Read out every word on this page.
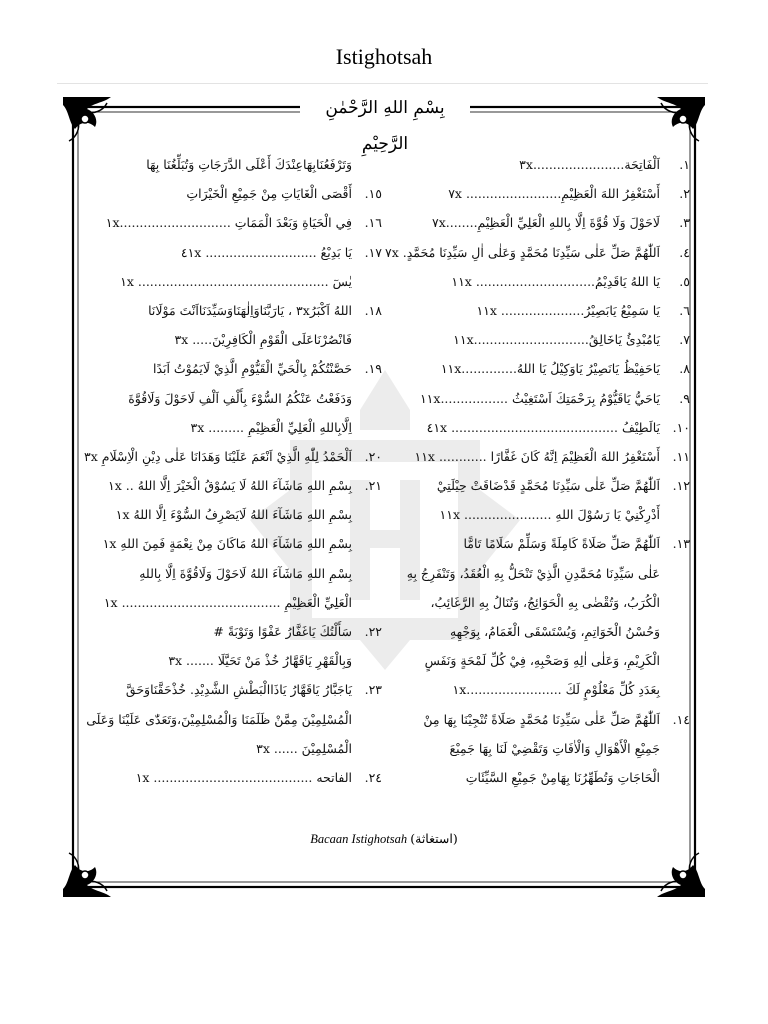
Istighotsah
بِسْمِ اللهِ الرَّحْمٰنِ الرَّحِيْمِ
١.
اَلْفَاتِحَة.......................٣x
٢.
أَسْتَغْفِرُ اللهَ الْعَظِيْمِ........................ ٧x
٣.
لَاحَوْلَ وَلَا قُوَّةَ اِلَّا بِاللهِ الْعَلِيِّ الْعَظِيْمِ........٧x
٤.
اَللّٰهُمَّ صَلِّ عَلٰى سَيِّدِنَا مُحَمَّدٍ وَعَلٰى اٰلِ سَيِّدِنَا مُحَمَّدٍ. ٧x
٥.
يَا اللهُ يَاقَدِيْمُ.............................. ١١x
٦.
يَا سَمِيْعُ يَابَصِيْرُ..................... ١١x
٧.
يَامُبْدِئُ يَاخَالِقُ.............................١١x
٨.
يَاحَفِيْظُ يَانَصِيْرُ يَاوَكِيْلُ يَا اللهُ..............١١x
٩.
يَاحَيُّ يَاقَيُّوْمُ بِرَحْمَتِكَ اَسْتَغِيْثُ .................١١x
١٠.
يَالَطِيْفُ .......................................... ٤١x
١١.
أَسْتَغْفِرُ اللهَ الْعَظِيْمَ اِنَّهُ كَانَ غَفَّارًا ............ ١١x
١٢.
اَللّٰهُمَّ صَلِّ عَلٰى سَيِّدِنَا مُحَمَّدٍ قَدْضَاقَتْ حِيْلَتِيْ
أَدْرِكْنِيْ يَا رَسُوْلَ اللهِ ...................... ١١x
١٣.
اَللّٰهُمَّ صَلِّ صَلَاةً كَامِلَةً وَسَلِّمْ سَلَامًا تَامًّا
عَلٰى سَيِّدِنَا مُحَمَّدِنِ الَّذِيْ تَنْحَلُّ بِهِ الْعُقَدُ، وَتَنْفَرِجُ بِهِ
الْكُرَبُ، وَتُقْضٰى بِهِ الْحَوَائِجُ، وَتُنَالُ بِهِ الرَّغَائِبُ،
وَحُسْنُ الْخَوَاتِمِ، وَيُسْتَسْقَى الْغَمَامُ، بِوَجْهِهِ
الْكَرِيْمِ، وَعَلٰى اٰلِهِ وَصَحْبِهِ، فِيْ كُلِّ لَمْحَةٍ وَنَفَسٍ
بِعَدَدِ كُلِّ مَعْلُوْمٍ لَكَ ........................١x
١٤.
اَللّٰهُمَّ صَلِّ عَلٰى سَيِّدِنَا مُحَمَّدٍ صَلَاةً تُنْجِيْنَا بِهَا مِنْ
جَمِيْعِ الْأَهْوَالِ وَالْاٰفَاتِ وَتَقْضِيْ لَنَا بِهَا جَمِيْعَ
الْحَاجَاتِ وَتُطَهِّرُنَا بِهَامِنْ جَمِيْعِ السَّيِّئَاتِ
وَتَرْفَعُنَابِهَاعِنْدَكَ أَعْلَى الدَّرَجَاتِ وَتُبَلِّغُنَا بِهَا
١٥.
أَقْصَى الْغَايَاتِ مِنْ جَمِيْعِ الْخَيْرَاتِ
١٦.
فِي الْحَيَاةِ وَبَعْدَ الْمَمَاتِ ............................١x
١٧.
يَا بَدِيْعُ ............................ ٤١x
يٰسٓ ................................................ ١x
١٨.
اللهُ اَكْبَرُ٣x ، يَارَبَّنَاوَاِلٰهَنَاوَسَيِّدَنَااَنْتَ مَوْلَانَا
فَانْصُرْنَاعَلَى الْقَوْمِ الْكَافِرِيْنَ..... ٣x
١٩.
حَصَّنْتُكُمْ بِالْحَيِّ الْقَيُّوْمِ الَّذِيْ لَايَمُوْتُ اَبَدًا
وَدَفَعْتُ عَنْكُمُ السُّوْءَ بِأَلْفِ اَلْفِ لَاحَوْلَ وَلَاقُوَّةَ
اِلَّابِاللهِ الْعَلِيِّ الْعَظِيْمِ ......... ٣x
٢٠.
اَلْحَمْدُ لِلّٰهِ الَّذِيْ اَنْعَمَ عَلَيْنَا وَهَدَانَا عَلٰى دِيْنِ الْاِسْلَامِ ٣x
٢١.
بِسْمِ اللهِ مَاشَآءَ اللهُ لَا يَسُوْقُ الْخَيْرَ اِلَّا اللهُ .. ١x
بِسْمِ اللهِ مَاشَآءَ اللهُ لَايَصْرِفُ السُّوْءَ اِلَّا اللهُ ١x
بِسْمِ اللهِ مَاشَآءَ اللهُ مَاكَانَ مِنْ نِعْمَةٍ فَمِنَ اللهِ ١x
بِسْمِ اللهِ مَاشَآءَ اللهُ لَاحَوْلَ وَلَاقُوَّةَ اِلَّا بِاللهِ
الْعَلِيِّ الْعَظِيْمِ ........................................ ١x
٢٢.
سَأَلْتُكَ يَاغَفَّارُ عَفْوًا وَتَوْبَةً #
وَبِالْقَهْرِ يَاقَهَّارُ خُذْ مَنْ تَحَيَّلَا ....... ٣x
٢٣.
يَاجَبَّارُ يَاقَهَّارُ يَاذَاالْبَطْشِ الشَّدِيْدِ. خُذْحَقَّنَاوَحَقَّ
الْمُسْلِمِيْنَ مِمَّنْ ظَلَمَنَا وَالْمُسْلِمِيْنَ،وَتَعَدّٰى عَلَيْنَا وَعَلَى
الْمُسْلِمِيْنَ ...... ٣x
٢٤.
الفاتحه ........................................ ١x
Bacaan Istighotsah (استغاثة)
